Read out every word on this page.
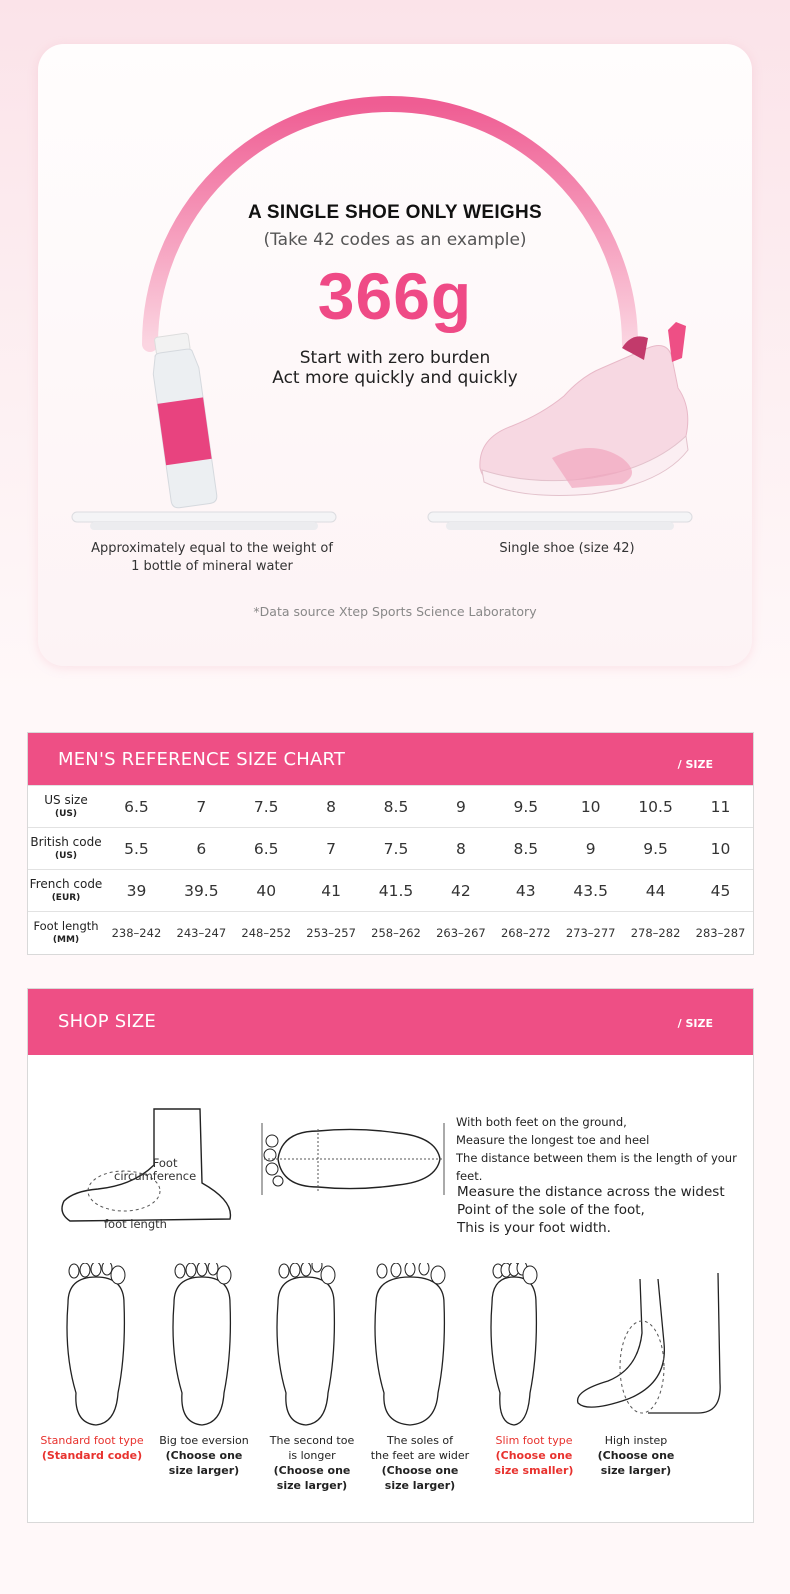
A SINGLE SHOE ONLY WEIGHS
(Take 42 codes as an example)
366g
Start with zero burden
Act more quickly and quickly
Approximately equal to the weight of
1 bottle of mineral water
Single shoe (size 42)
*Data source Xtep Sports Science Laboratory
MEN'S REFERENCE SIZE CHART	/ SIZE
US size
(US)	6.5	7	7.5	8	8.5	9	9.5	10	10.5	11
British code
(US)	5.5	6	6.5	7	7.5	8	8.5	9	9.5	10
French code
(EUR)	39	39.5	40	41	41.5	42	43	43.5	44	45
Foot length
(MM)	238–242	243–247	248–252	253–257	258–262	263–267	268–272	273–277	278–282	283–287
SHOP SIZE	/ SIZE
Foot
circumference
foot length
With both feet on the ground,
Measure the longest toe and heel
The distance between them is the length of your feet.
Measure the distance across the widest
Point of the sole of the foot,
This is your foot width.
Standard foot type
(Standard code)
Big toe eversion
(Choose one
size larger)
The second toe
is longer
(Choose one
size larger)
The soles of
the feet are wider
(Choose one
size larger)
Slim foot type
(Choose one
size smaller)
High instep
(Choose one
size larger)
